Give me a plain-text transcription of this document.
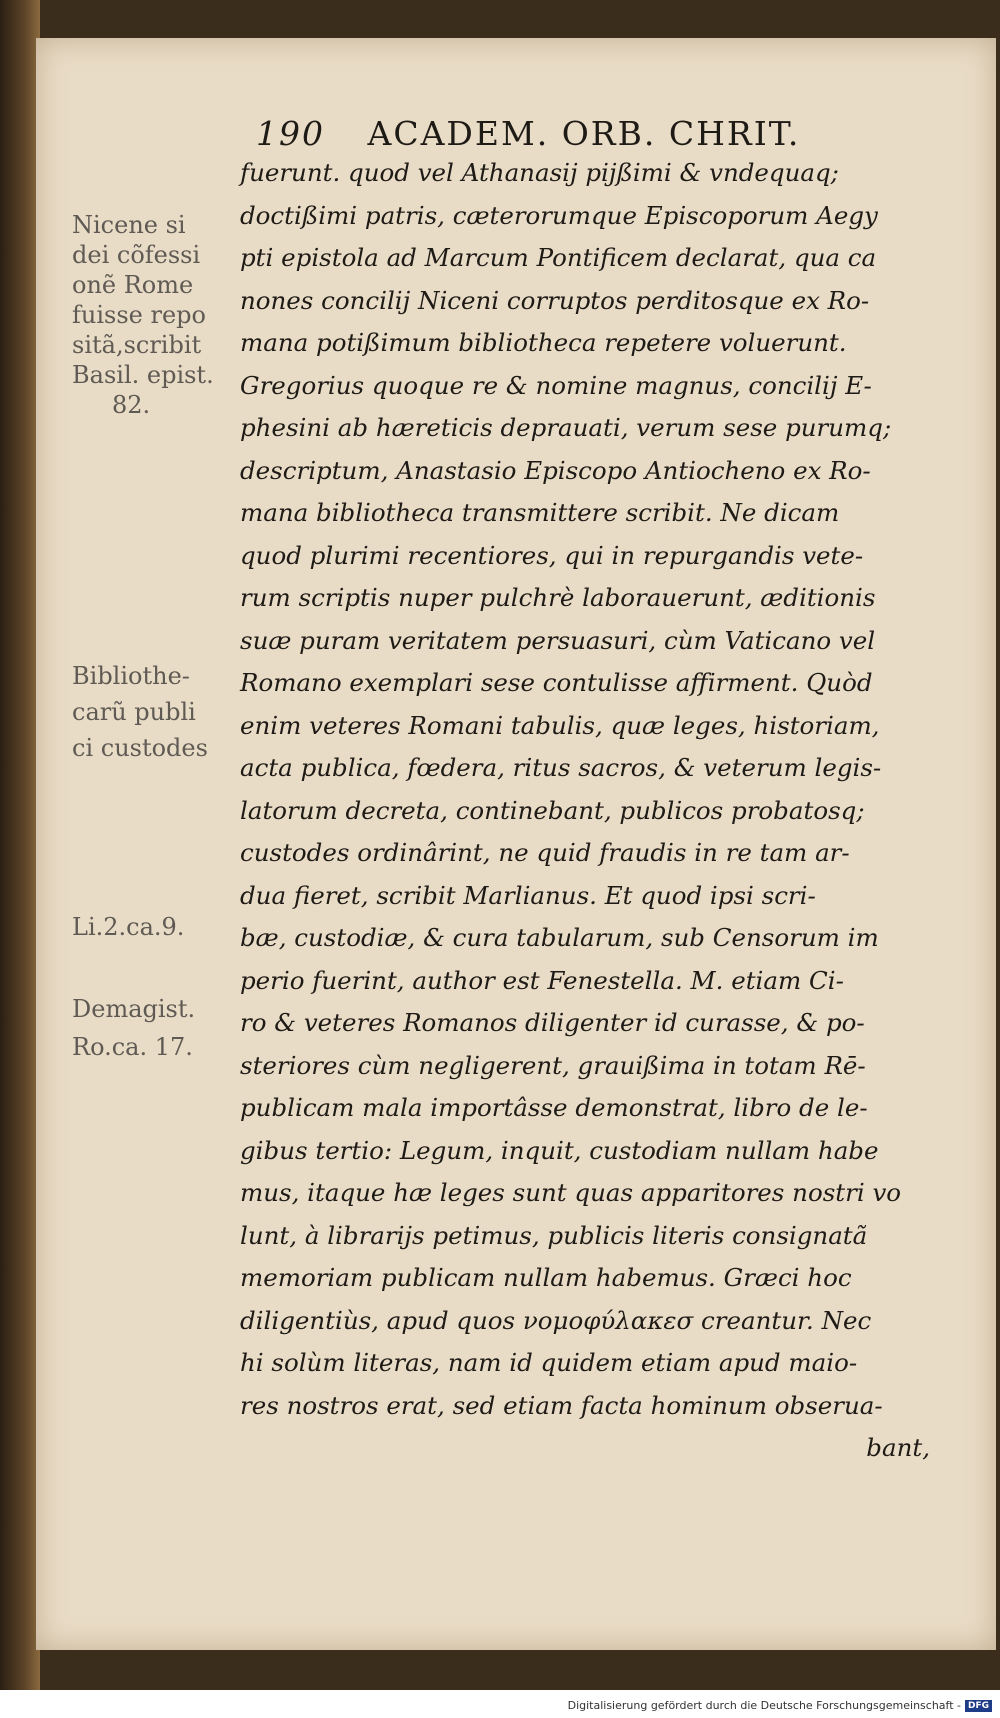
190 ACADEM. ORB. CHRIT.
Nicene si
dei cõfessi
onẽ Rome
fuisse repo
sitã,scribit
Basil. epist.
82.
Bibliothe-
carũ publi
ci custodes
Li.2.ca.9.
Demagist.
Ro.ca. 17.
fuerunt. quod vel Athanasij pijßimi & vndequaq;
doctißimi patris, cæterorumque Episcoporum Aegy
pti epistola ad Marcum Pontificem declarat, qua ca
nones concilij Niceni corruptos perditosque ex Ro-
mana potißimum bibliotheca repetere voluerunt.
Gregorius quoque re & nomine magnus, concilij E-
phesini ab hæreticis deprauati, verum sese purumq;
descriptum, Anastasio Episcopo Antiocheno ex Ro-
mana bibliotheca transmittere scribit. Ne dicam
quod plurimi recentiores, qui in repurgandis vete-
rum scriptis nuper pulchrè laborauerunt, æditionis
suæ puram veritatem persuasuri, cùm Vaticano vel
Romano exemplari sese contulisse affirment. Quòd
enim veteres Romani tabulis, quæ leges, historiam,
acta publica, fœdera, ritus sacros, & veterum legis-
latorum decreta, continebant, publicos probatosq;
custodes ordinârint, ne quid fraudis in re tam ar-
dua fieret, scribit Marlianus. Et quod ipsi scri-
bæ, custodiæ, & cura tabularum, sub Censorum im
perio fuerint, author est Fenestella. M. etiam Ci-
ro & veteres Romanos diligenter id curasse, & po-
steriores cùm negligerent, grauißima in totam Rē-
publicam mala importâsse demonstrat, libro de le-
gibus tertio: Legum, inquit, custodiam nullam habe
mus, itaque hæ leges sunt quas apparitores nostri vo
lunt, à librarijs petimus, publicis literis consignatã
memoriam publicam nullam habemus. Græci hoc
diligentiùs, apud quos νομοφύλακεσ creantur. Nec
hi solùm literas, nam id quidem etiam apud maio-
res nostros erat, sed etiam facta hominum obserua-
bant,
Digitalisierung gefördert durch die Deutsche Forschungsgemeinschaft - DFG
